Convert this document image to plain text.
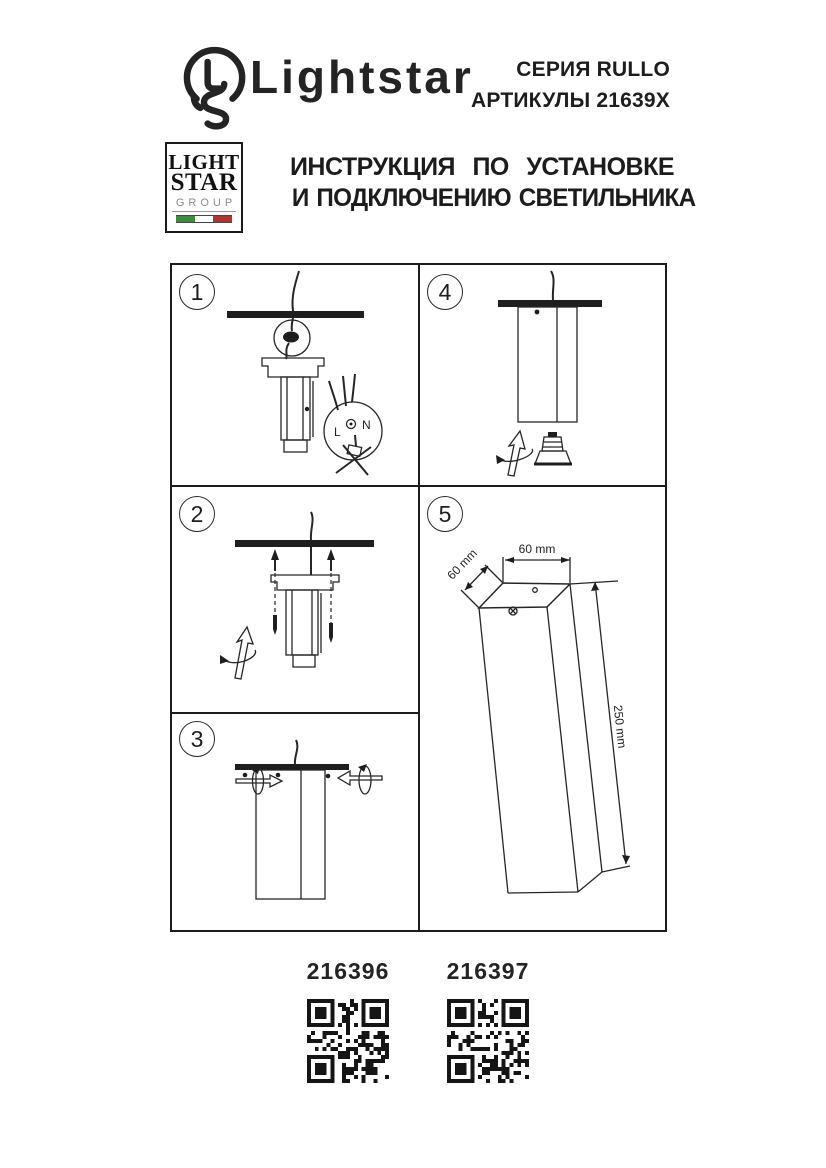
Lightstar	СЕРИЯ RULLO
АРТИКУЛЫ 21639X
LIGHT
STAR
GROUP
ИНСТРУКЦИЯ ПО УСТАНОВКЕ
И ПОДКЛЮЧЕНИЮ СВЕТИЛЬНИКА
L N
1
2
3
4
60 mm
60 mm
250 mm
5
216396	216397
